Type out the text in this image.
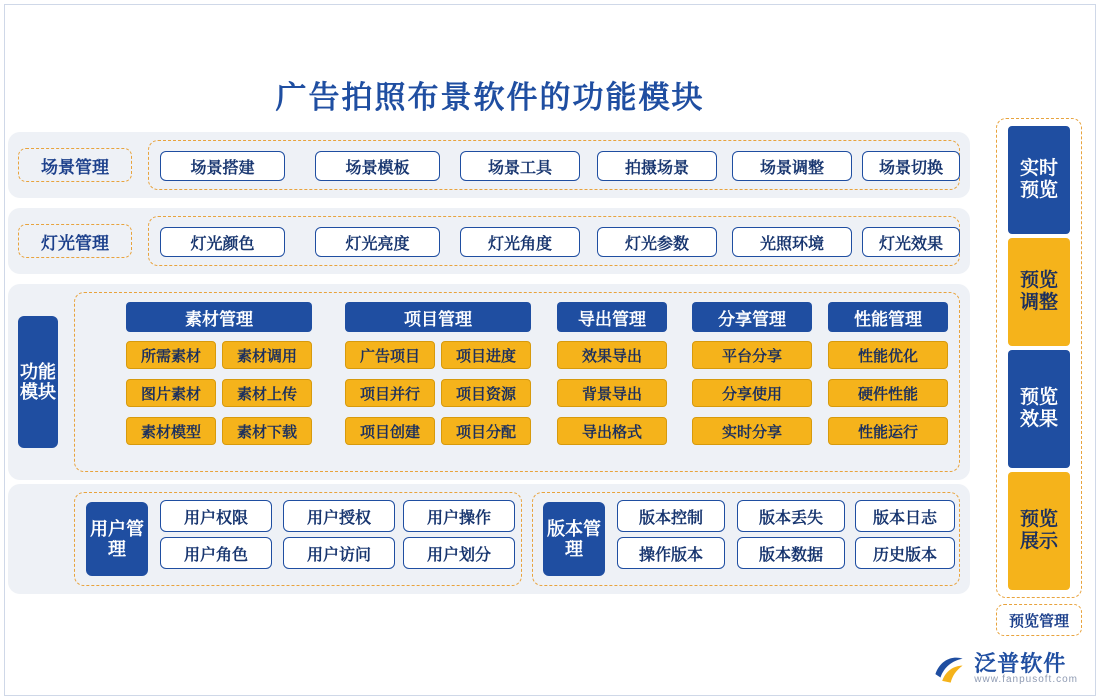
广告拍照布景软件的功能模块
场景管理	场景搭建	场景模板	场景工具	拍摄场景	场景调整	场景切换
灯光管理	灯光颜色	灯光亮度	灯光角度	灯光参数	光照环境	灯光效果
功能模块
素材管理
所需素材	素材调用
图片素材	素材上传
素材模型	素材下载
项目管理
广告项目	项目进度
项目并行	项目资源
项目创建	项目分配
导出管理
效果导出
背景导出
导出格式
分享管理
平台分享
分享使用
实时分享
性能管理
性能优化
硬件性能
性能运行
用户管理
用户权限	用户授权	用户操作
用户角色	用户访问	用户划分
版本管理
版本控制	版本丢失	版本日志
操作版本	版本数据	历史版本
实时预览
预览调整
预览效果
预览展示
预览管理
泛普软件
www.fanpusoft.com
